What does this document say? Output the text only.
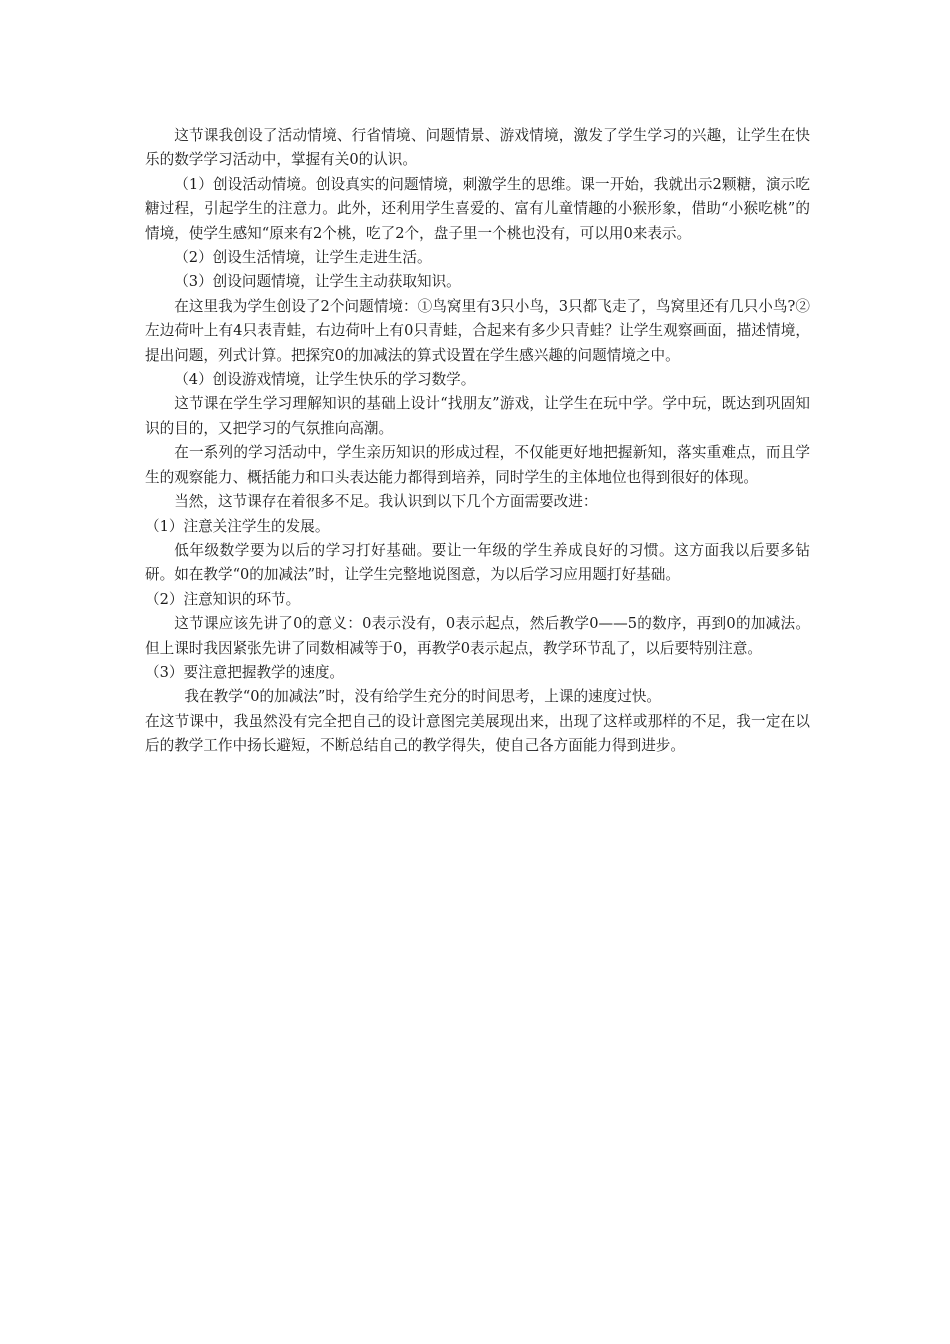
这节课我创设了活动情境、行省情境、问题情景、游戏情境，激发了学生学习的兴趣，让学生在快乐的数学学习活动中，掌握有关0的认识。

（1）创设活动情境。创设真实的问题情境，刺激学生的思维。课一开始，我就出示2颗糖，演示吃糖过程，引起学生的注意力。此外，还利用学生喜爱的、富有儿童情趣的小猴形象，借助“小猴吃桃”的情境，使学生感知“原来有2个桃，吃了2个，盘子里一个桃也没有，可以用0来表示。

（2）创设生活情境，让学生走进生活。

（3）创设问题情境，让学生主动获取知识。

在这里我为学生创设了2个问题情境：①鸟窝里有3只小鸟，3只都飞走了，鸟窝里还有几只小鸟?②左边荷叶上有4只表青蛙，右边荷叶上有0只青蛙，合起来有多少只青蛙？让学生观察画面，描述情境，提出问题，列式计算。把探究0的加减法的算式设置在学生感兴趣的问题情境之中。

（4）创设游戏情境，让学生快乐的学习数学。

这节课在学生学习理解知识的基础上设计“找朋友”游戏，让学生在玩中学。学中玩，既达到巩固知识的目的，又把学习的气氛推向高潮。

在一系列的学习活动中，学生亲历知识的形成过程，不仅能更好地把握新知，落实重难点，而且学生的观察能力、概括能力和口头表达能力都得到培养，同时学生的主体地位也得到很好的体现。

当然，这节课存在着很多不足。我认识到以下几个方面需要改进：

（1）注意关注学生的发展。

低年级数学要为以后的学习打好基础。要让一年级的学生养成良好的习惯。这方面我以后要多钻研。如在教学“0的加减法”时，让学生完整地说图意，为以后学习应用题打好基础。

（2）注意知识的环节。

这节课应该先讲了0的意义：0表示没有，0表示起点，然后教学0——5的数序，再到0的加减法。但上课时我因紧张先讲了同数相减等于0，再教学0表示起点，教学环节乱了，以后要特别注意。

（3）要注意把握教学的速度。

我在教学“0的加减法”时，没有给学生充分的时间思考，上课的速度过快。

在这节课中，我虽然没有完全把自己的设计意图完美展现出来，出现了这样或那样的不足，我一定在以后的教学工作中扬长避短，不断总结自己的教学得失，使自己各方面能力得到进步。
